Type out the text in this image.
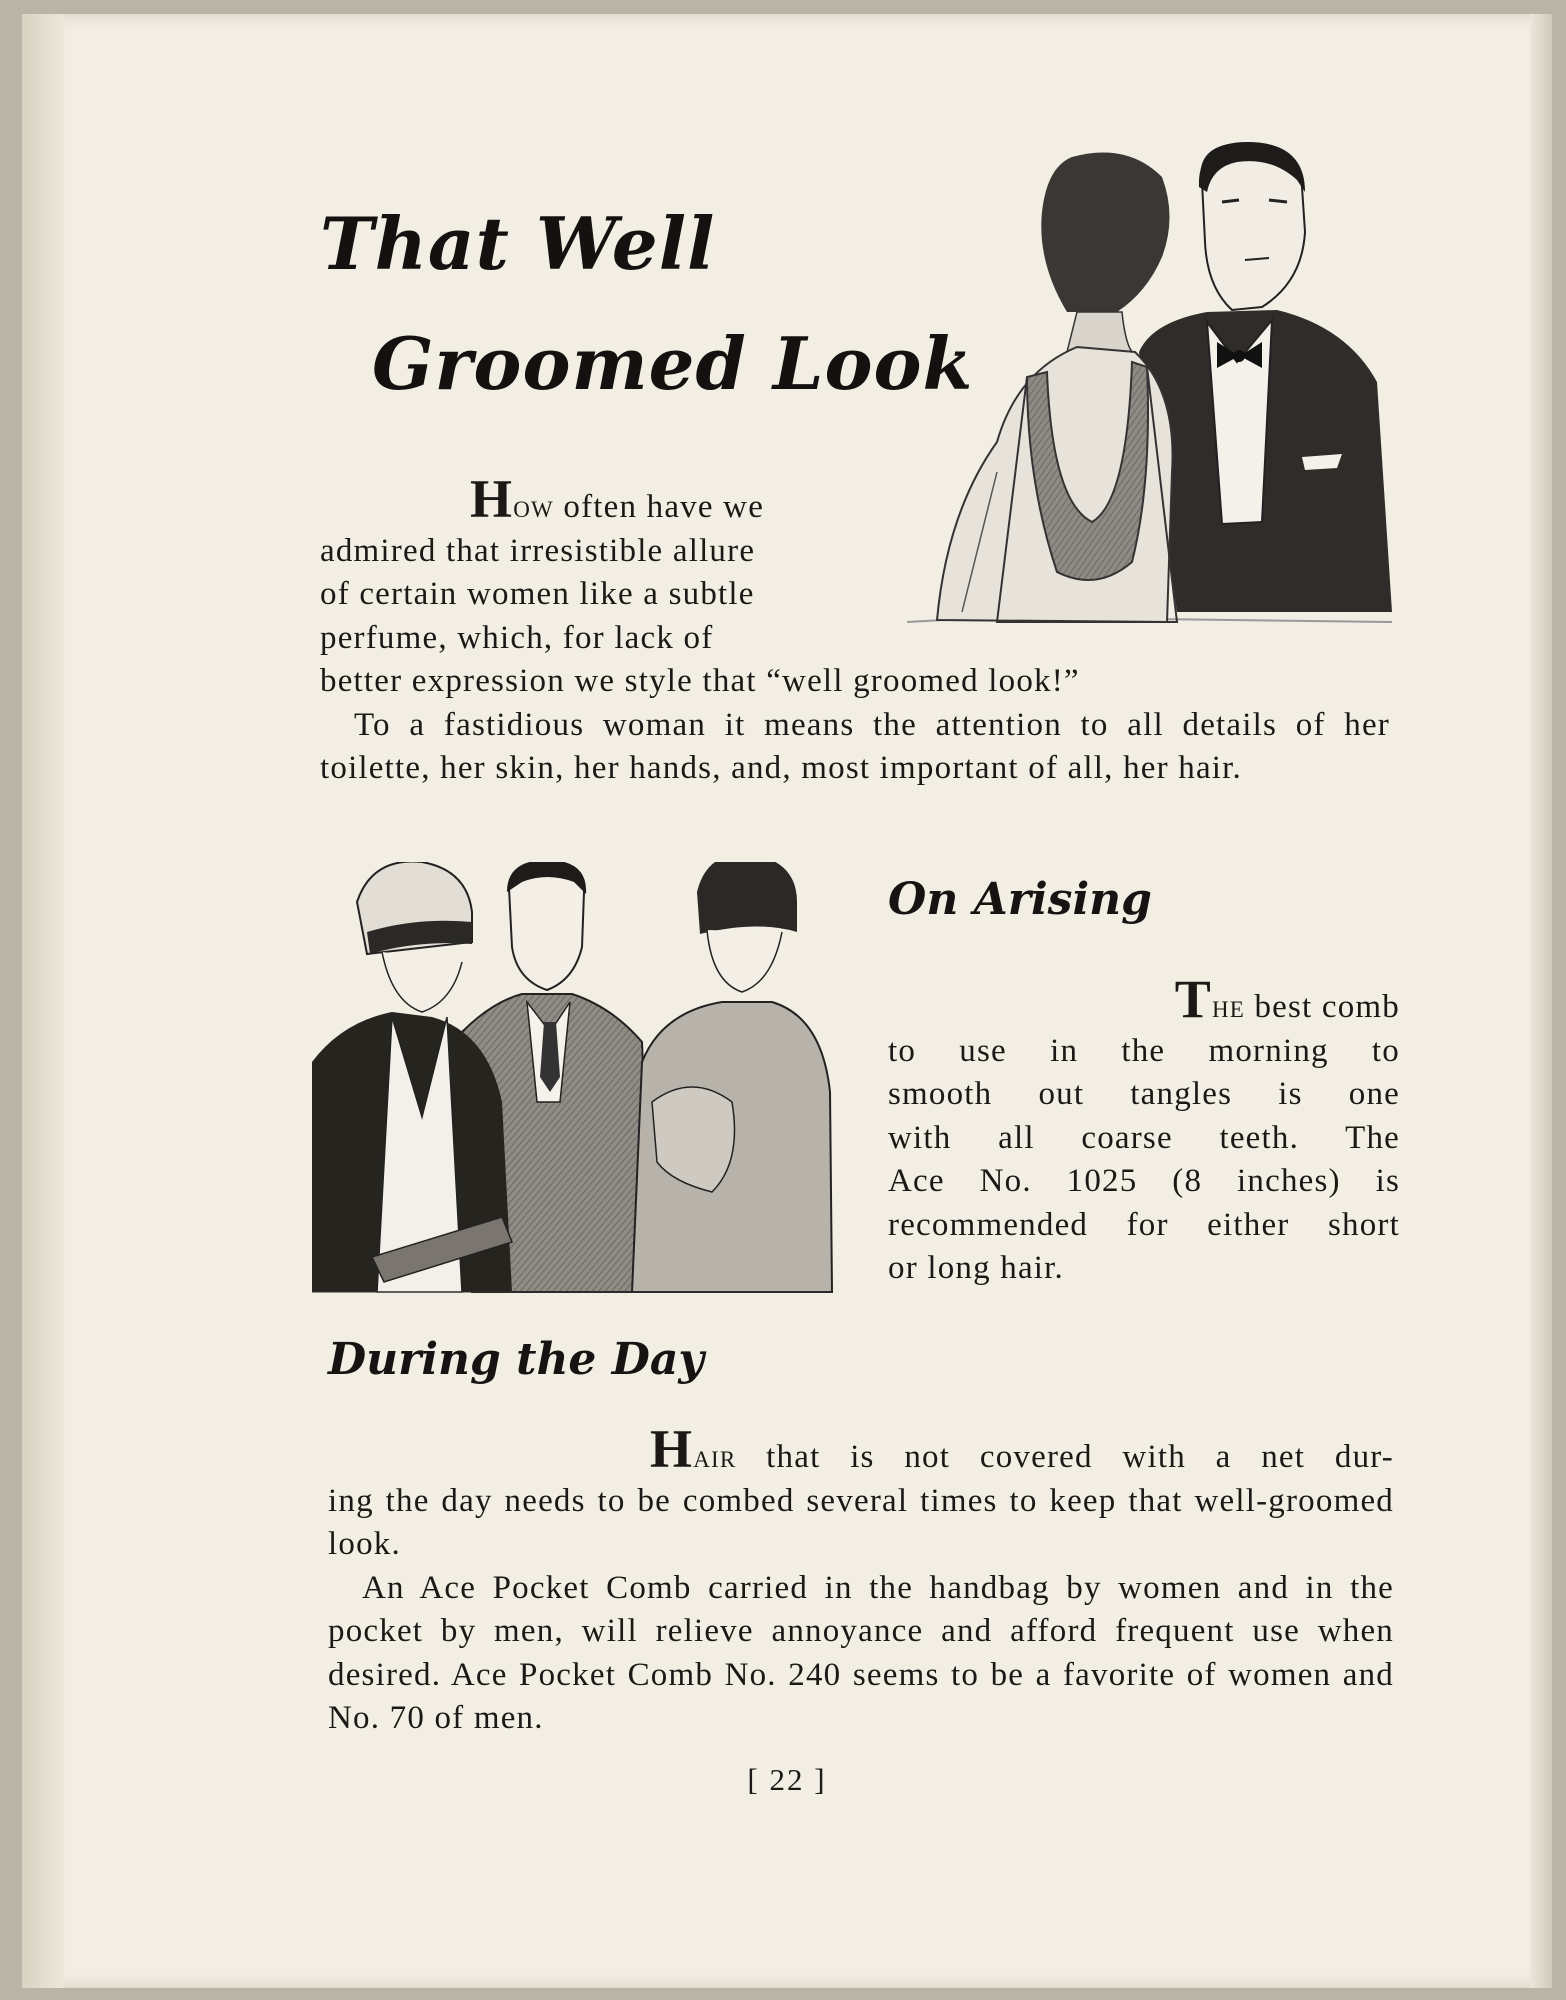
That Well
Groomed Look

How often have we

admired that irresistible allure

of certain women like a subtle

perfume, which, for lack of

better expression we style that “well groomed look!”

To a fastidious woman it means the attention to all details of her toilette, her skin, her hands, and, most important of all, her hair.

On Arising

The best comb

to use in the morning to

smooth out tangles is one

with all coarse teeth. The

Ace No. 1025 (8 inches) is

recommended for either short

or long hair.

During the Day

Hair that is not covered with a net dur-

ing the day needs to be combed several times to keep that well-groomed look.

An Ace Pocket Comb carried in the handbag by women and in the pocket by men, will relieve annoyance and afford frequent use when desired. Ace Pocket Comb No. 240 seems to be a favorite of women and No. 70 of men.

[ 22 ]
